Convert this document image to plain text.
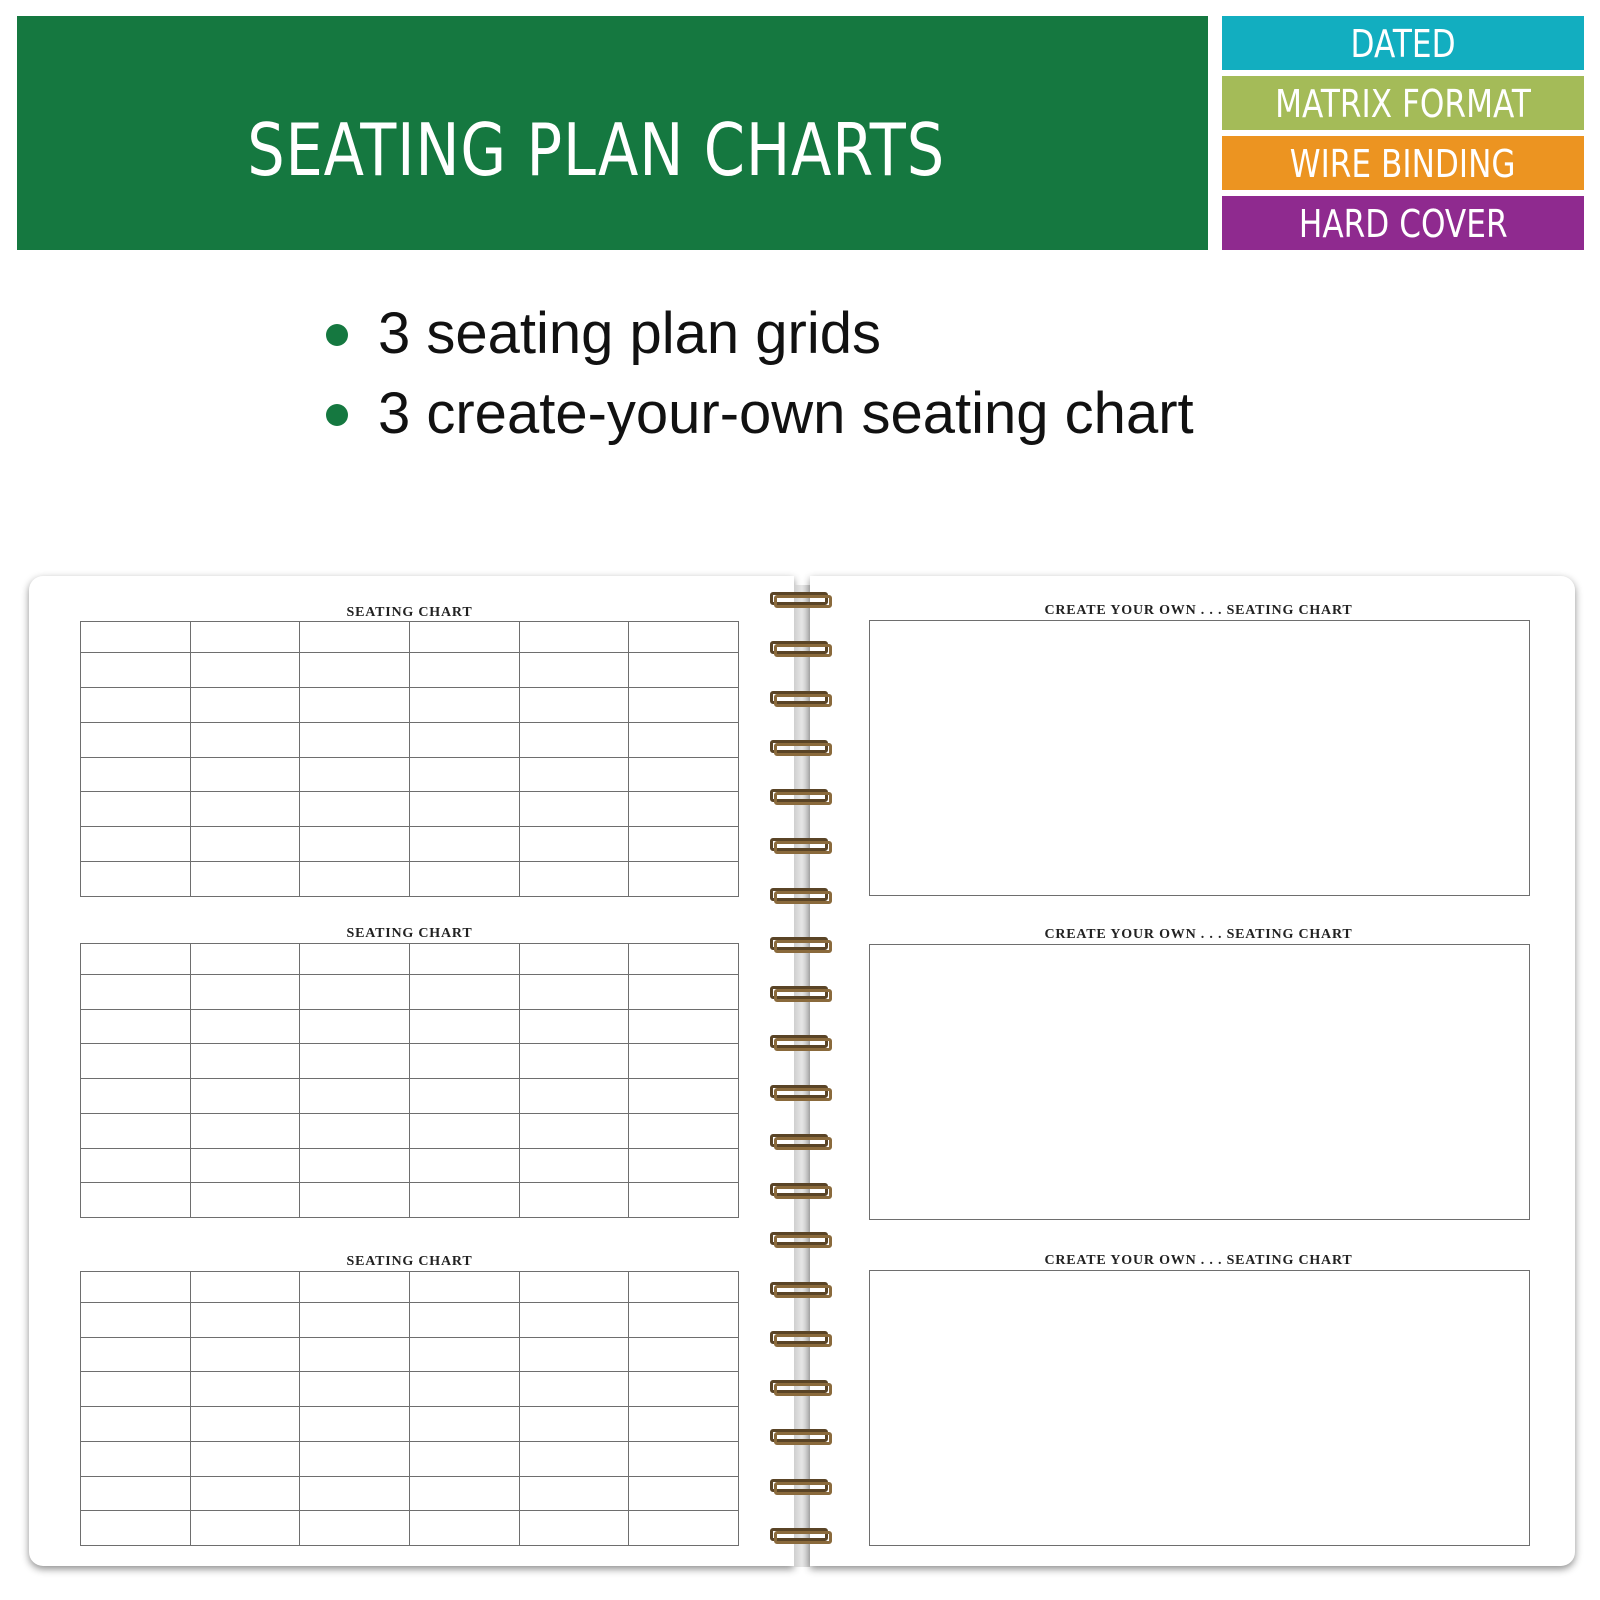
SEATING PLAN CHARTS
DATED
MATRIX FORMAT
WIRE BINDING
HARD COVER
3 seating plan grids
3 create-your-own seating chart
SEATING CHART

SEATING CHART

SEATING CHART

CREATE YOUR OWN . . . SEATING CHART
CREATE YOUR OWN . . . SEATING CHART
CREATE YOUR OWN . . . SEATING CHART
